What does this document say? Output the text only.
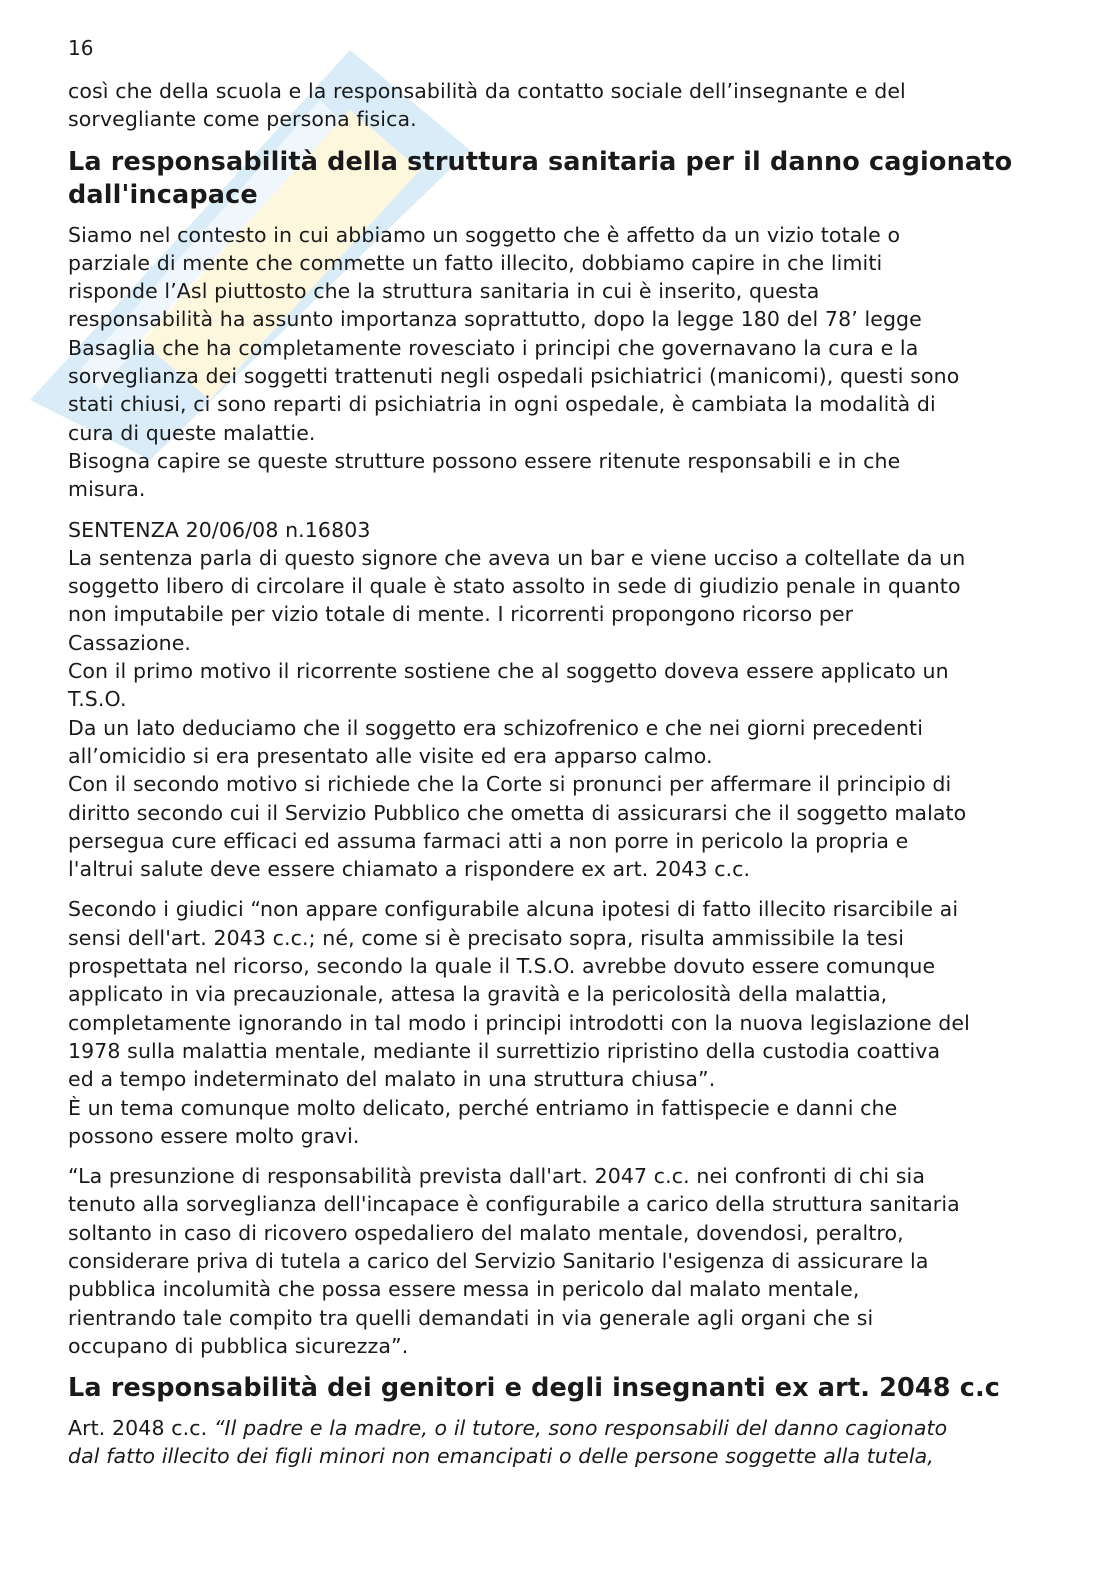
16

così che della scuola e la responsabilità da contatto sociale dell’insegnante e del
sorvegliante come persona fisica.

La responsabilità della struttura sanitaria per il danno cagionato
dall'incapace

Siamo nel contesto in cui abbiamo un soggetto che è affetto da un vizio totale o
parziale di mente che commette un fatto illecito, dobbiamo capire in che limiti
risponde l’Asl piuttosto che la struttura sanitaria in cui è inserito, questa
responsabilità ha assunto importanza soprattutto, dopo la legge 180 del 78’ legge
Basaglia che ha completamente rovesciato i principi che governavano la cura e la
sorveglianza dei soggetti trattenuti negli ospedali psichiatrici (manicomi), questi sono
stati chiusi, ci sono reparti di psichiatria in ogni ospedale, è cambiata la modalità di
cura di queste malattie.
Bisogna capire se queste strutture possono essere ritenute responsabili e in che
misura.

SENTENZA 20/06/08 n.16803
La sentenza parla di questo signore che aveva un bar e viene ucciso a coltellate da un
soggetto libero di circolare il quale è stato assolto in sede di giudizio penale in quanto
non imputabile per vizio totale di mente. I ricorrenti propongono ricorso per
Cassazione.
Con il primo motivo il ricorrente sostiene che al soggetto doveva essere applicato un
T.S.O.
Da un lato deduciamo che il soggetto era schizofrenico e che nei giorni precedenti
all’omicidio si era presentato alle visite ed era apparso calmo.
Con il secondo motivo si richiede che la Corte si pronunci per affermare il principio di
diritto secondo cui il Servizio Pubblico che ometta di assicurarsi che il soggetto malato
persegua cure efficaci ed assuma farmaci atti a non porre in pericolo la propria e
l'altrui salute deve essere chiamato a rispondere ex art. 2043 c.c.

Secondo i giudici “non appare configurabile alcuna ipotesi di fatto illecito risarcibile ai
sensi dell'art. 2043 c.c.; né, come si è precisato sopra, risulta ammissibile la tesi
prospettata nel ricorso, secondo la quale il T.S.O. avrebbe dovuto essere comunque
applicato in via precauzionale, attesa la gravità e la pericolosità della malattia,
completamente ignorando in tal modo i principi introdotti con la nuova legislazione del
1978 sulla malattia mentale, mediante il surrettizio ripristino della custodia coattiva
ed a tempo indeterminato del malato in una struttura chiusa”.
È un tema comunque molto delicato, perché entriamo in fattispecie e danni che
possono essere molto gravi.

“La presunzione di responsabilità prevista dall'art. 2047 c.c. nei confronti di chi sia
tenuto alla sorveglianza dell'incapace è configurabile a carico della struttura sanitaria
soltanto in caso di ricovero ospedaliero del malato mentale, dovendosi, peraltro,
considerare priva di tutela a carico del Servizio Sanitario l'esigenza di assicurare la
pubblica incolumità che possa essere messa in pericolo dal malato mentale,
rientrando tale compito tra quelli demandati in via generale agli organi che si
occupano di pubblica sicurezza”.

La responsabilità dei genitori e degli insegnanti ex art. 2048 c.c

Art. 2048 c.c. “Il padre e la madre, o il tutore, sono responsabili del danno cagionato
dal fatto illecito dei figli minori non emancipati o delle persone soggette alla tutela,
